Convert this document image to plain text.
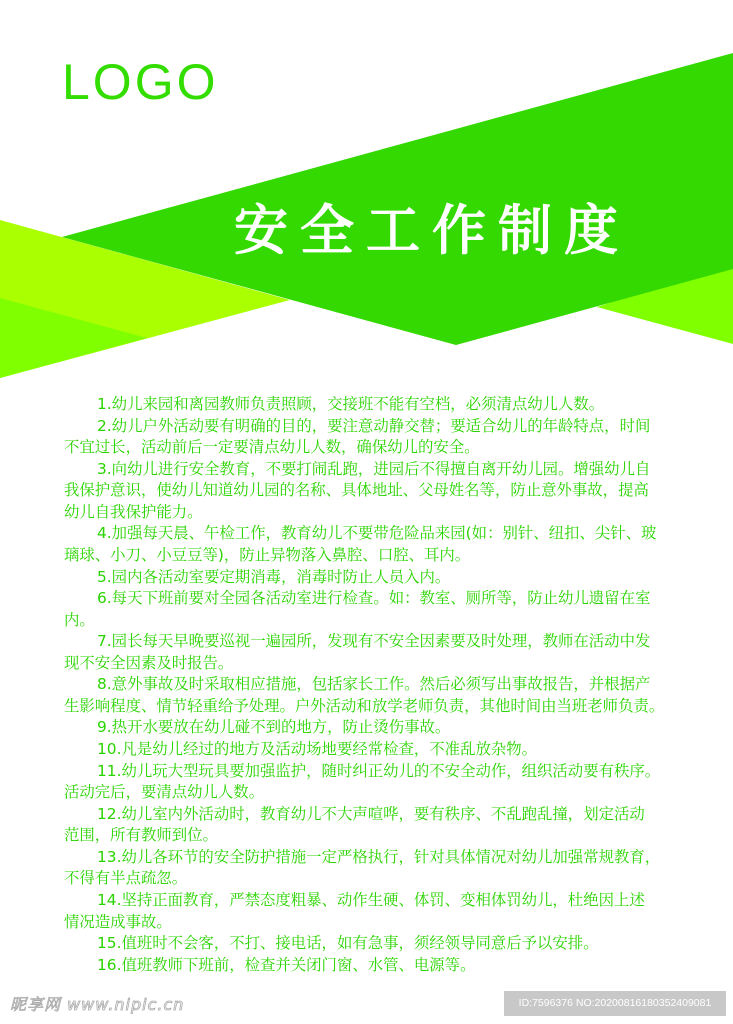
LOGO
安全工作制度
1.幼儿来园和离园教师负责照顾，交接班不能有空档，必须清点幼儿人数。
2.幼儿户外活动要有明确的目的，要注意动静交替；要适合幼儿的年龄特点，时间
不宜过长，活动前后一定要清点幼儿人数，确保幼儿的安全。
3.向幼儿进行安全教育，不要打闹乱跑，进园后不得擅自离开幼儿园。增强幼儿自
我保护意识，使幼儿知道幼儿园的名称、具体地址、父母姓名等，防止意外事故，提高
幼儿自我保护能力。
4.加强每天晨、午检工作，教育幼儿不要带危险品来园(如：别针、纽扣、尖针、玻
璃球、小刀、小豆豆等)，防止异物落入鼻腔、口腔、耳内。
5.园内各活动室要定期消毒，消毒时防止人员入内。
6.每天下班前要对全园各活动室进行检查。如：教室、厕所等，防止幼儿遗留在室
内。
7.园长每天早晚要巡视一遍园所，发现有不安全因素要及时处理，教师在活动中发
现不安全因素及时报告。
8.意外事故及时采取相应措施，包括家长工作。然后必须写出事故报告，并根据产
生影响程度、情节轻重给予处理。户外活动和放学老师负责，其他时间由当班老师负责。
9.热开水要放在幼儿碰不到的地方，防止烫伤事故。
10.凡是幼儿经过的地方及活动场地要经常检查，不准乱放杂物。
11.幼儿玩大型玩具要加强监护，随时纠正幼儿的不安全动作，组织活动要有秩序。
活动完后，要清点幼儿人数。
12.幼儿室内外活动时，教育幼儿不大声喧哗，要有秩序、不乱跑乱撞，划定活动
范围，所有教师到位。
13.幼儿各环节的安全防护措施一定严格执行，针对具体情况对幼儿加强常规教育，
不得有半点疏忽。
14.坚持正面教育，严禁态度粗暴、动作生硬、体罚、变相体罚幼儿，杜绝因上述
情况造成事故。
15.值班时不会客，不打、接电话，如有急事，须经领导同意后予以安排。
16.值班教师下班前，检查并关闭门窗、水管、电源等。
昵享网 www.nipic.cn	ID:7596376 NO:20200816180352409081
